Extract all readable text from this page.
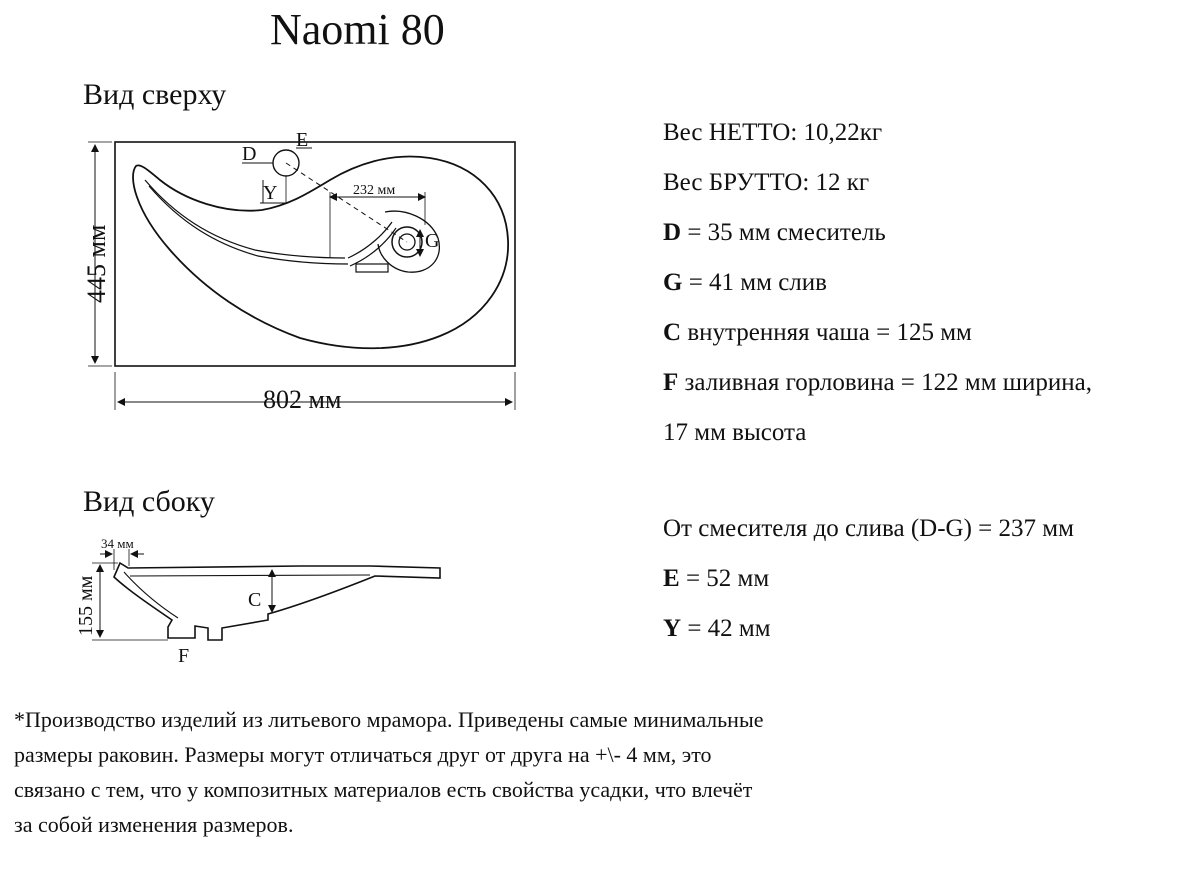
Naomi 80
Вид сверху
Вид сбоку
Вес НЕТТО: 10,22кг
Вес БРУТТО: 12 кг
D = 35 мм смеситель
G = 41 мм слив
C внутренняя чаша = 125 мм
F заливная горловина = 122 мм ширина,
17 мм высота
От смесителя до слива (D-G) = 237 мм
E = 52 мм
Y = 42 мм
*Производство изделий из литьевого мрамора. Приведены самые минимальные размеры раковин. Размеры могут отличаться друг от друга на +\- 4 мм, это связано с тем, что у композитных материалов есть свойства усадки, что влечёт за собой изменения размеров.
D
E
Y
G
232 мм
802 мм
445 мм
34 мм
155 мм	C
F
